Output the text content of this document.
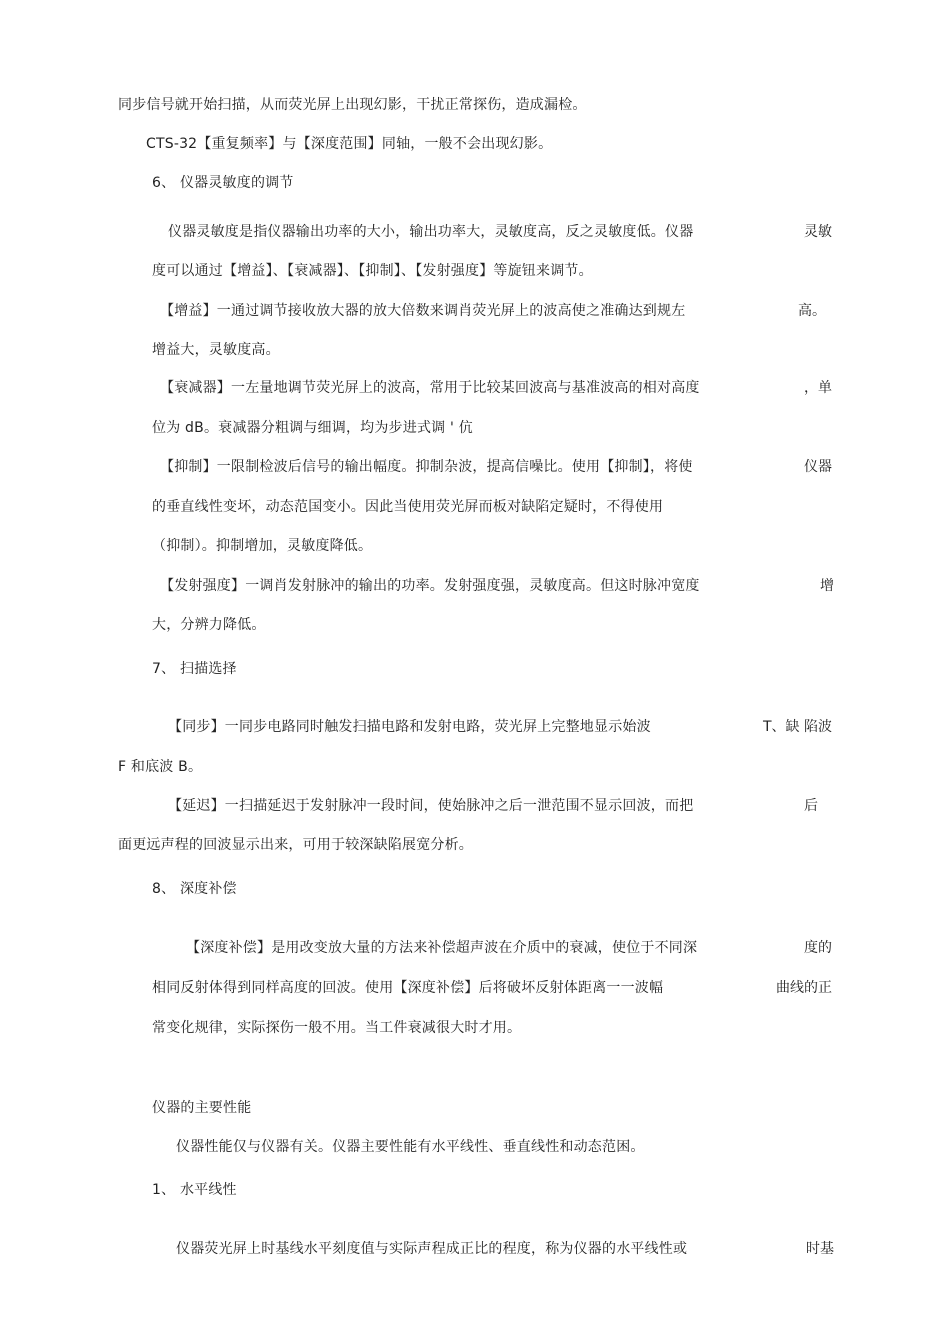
同步信号就开始扫描，从而荧光屏上出现幻影，干扰正常探伤，造成漏检。
CTS-32【重复频率】与【深度范围】同轴，一般不会出现幻影。
6、 仪器灵敏度的调节
仪器灵敏度是指仪器输出功率的大小，输出功率大，灵敏度高，反之灵敏度低。仪器	灵敏
度可以通过【增益】、【衰减器】、【抑制】、【发射强度】等旋钮来调节。
【增益】一通过调节接收放大器的放大倍数来调肖荧光屏上的波高使之准确达到规左	高。
增益大，灵敏度高。
【衰减器】一左量地调节荧光屏上的波高，常用于比较某回波高与基准波高的相对高度	，单
位为 dB。衰减器分粗调与细调，均为步进式调 ' 伉
【抑制】一限制检波后信号的输出幅度。抑制杂波，提高信噪比。使用【抑制】，将使	仪器
的垂直线性变坏，动态范国变小。因此当使用荧光屏而板对缺陷定疑时，不得使用
（抑制）。抑制增加，灵敏度降低。
【发射强度】一调肖发射脉冲的输出的功率。发射强度强，灵敏度高。但这时脉冲宽度	增
大，分辨力降低。
7、 扫描选择
【同步】一同步电路同时触发扫描电路和发射电路，荧光屏上完整地显示始波	T、缺 陷波
F 和底波 B。
【延迟】一扫描延迟于发射脉冲一段时间，使始脉冲之后一泄范围不显示回波，而把	后
面更远声程的回波显示出来，可用于较深缺陷展宽分析。
8、 深度补偿
【深度补偿】是用改变放大量的方法来补偿超声波在介质中的衰减，使位于不同深	度的
相同反射体得到同样高度的回波。使用【深度补偿】后将破坏反射体距离一一波幅	曲线的正
常变化规律，实际探伤一般不用。当工件衰减很大时才用。
仪器的主要性能
仪器性能仅与仪器有关。仪器主要性能有水平线性、垂直线性和动态范困。
1、 水平线性
仪器荧光屏上时基线水平刻度值与实际声程成正比的程度，称为仪器的水平线性或	时基
